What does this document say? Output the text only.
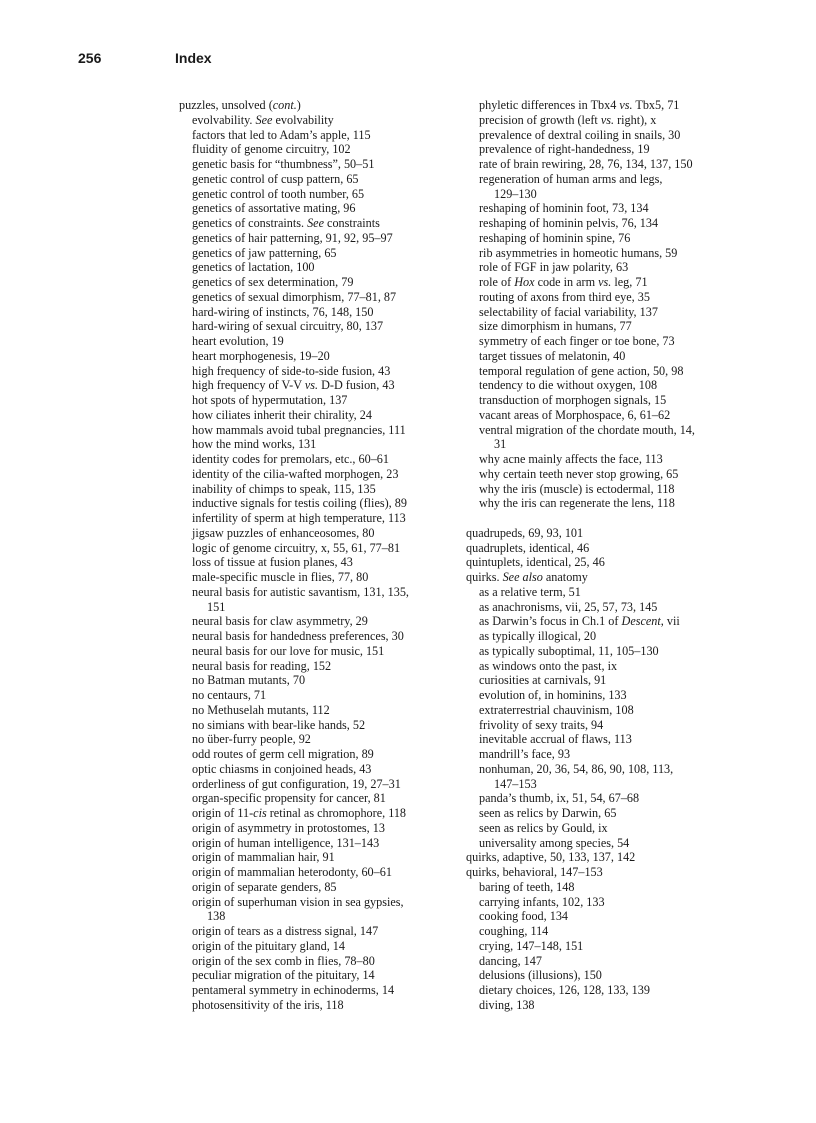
256	Index
puzzles, unsolved (cont.)
evolvability. See evolvability
factors that led to Adam’s apple, 115
fluidity of genome circuitry, 102
genetic basis for “thumbness”, 50–51
genetic control of cusp pattern, 65
genetic control of tooth number, 65
genetics of assortative mating, 96
genetics of constraints. See constraints
genetics of hair patterning, 91, 92, 95–97
genetics of jaw patterning, 65
genetics of lactation, 100
genetics of sex determination, 79
genetics of sexual dimorphism, 77–81, 87
hard-wiring of instincts, 76, 148, 150
hard-wiring of sexual circuitry, 80, 137
heart evolution, 19
heart morphogenesis, 19–20
high frequency of side-to-side fusion, 43
high frequency of V-V vs. D-D fusion, 43
hot spots of hypermutation, 137
how ciliates inherit their chirality, 24
how mammals avoid tubal pregnancies, 111
how the mind works, 131
identity codes for premolars, etc., 60–61
identity of the cilia-wafted morphogen, 23
inability of chimps to speak, 115, 135
inductive signals for testis coiling (flies), 89
infertility of sperm at high temperature, 113
jigsaw puzzles of enhanceosomes, 80
logic of genome circuitry, x, 55, 61, 77–81
loss of tissue at fusion planes, 43
male-specific muscle in flies, 77, 80
neural basis for autistic savantism, 131, 135,
151
neural basis for claw asymmetry, 29
neural basis for handedness preferences, 30
neural basis for our love for music, 151
neural basis for reading, 152
no Batman mutants, 70
no centaurs, 71
no Methuselah mutants, 112
no simians with bear-like hands, 52
no über-furry people, 92
odd routes of germ cell migration, 89
optic chiasms in conjoined heads, 43
orderliness of gut configuration, 19, 27–31
organ-specific propensity for cancer, 81
origin of 11-cis retinal as chromophore, 118
origin of asymmetry in protostomes, 13
origin of human intelligence, 131–143
origin of mammalian hair, 91
origin of mammalian heterodonty, 60–61
origin of separate genders, 85
origin of superhuman vision in sea gypsies,
138
origin of tears as a distress signal, 147
origin of the pituitary gland, 14
origin of the sex comb in flies, 78–80
peculiar migration of the pituitary, 14
pentameral symmetry in echinoderms, 14
photosensitivity of the iris, 118
phyletic differences in Tbx4 vs. Tbx5, 71
precision of growth (left vs. right), x
prevalence of dextral coiling in snails, 30
prevalence of right-handedness, 19
rate of brain rewiring, 28, 76, 134, 137, 150
regeneration of human arms and legs,
129–130
reshaping of hominin foot, 73, 134
reshaping of hominin pelvis, 76, 134
reshaping of hominin spine, 76
rib asymmetries in homeotic humans, 59
role of FGF in jaw polarity, 63
role of Hox code in arm vs. leg, 71
routing of axons from third eye, 35
selectability of facial variability, 137
size dimorphism in humans, 77
symmetry of each finger or toe bone, 73
target tissues of melatonin, 40
temporal regulation of gene action, 50, 98
tendency to die without oxygen, 108
transduction of morphogen signals, 15
vacant areas of Morphospace, 6, 61–62
ventral migration of the chordate mouth, 14,
31
why acne mainly affects the face, 113
why certain teeth never stop growing, 65
why the iris (muscle) is ectodermal, 118
why the iris can regenerate the lens, 118
quadrupeds, 69, 93, 101
quadruplets, identical, 46
quintuplets, identical, 25, 46
quirks. See also anatomy
as a relative term, 51
as anachronisms, vii, 25, 57, 73, 145
as Darwin’s focus in Ch.1 of Descent, vii
as typically illogical, 20
as typically suboptimal, 11, 105–130
as windows onto the past, ix
curiosities at carnivals, 91
evolution of, in hominins, 133
extraterrestrial chauvinism, 108
frivolity of sexy traits, 94
inevitable accrual of flaws, 113
mandrill’s face, 93
nonhuman, 20, 36, 54, 86, 90, 108, 113,
147–153
panda’s thumb, ix, 51, 54, 67–68
seen as relics by Darwin, 65
seen as relics by Gould, ix
universality among species, 54
quirks, adaptive, 50, 133, 137, 142
quirks, behavioral, 147–153
baring of teeth, 148
carrying infants, 102, 133
cooking food, 134
coughing, 114
crying, 147–148, 151
dancing, 147
delusions (illusions), 150
dietary choices, 126, 128, 133, 139
diving, 138
